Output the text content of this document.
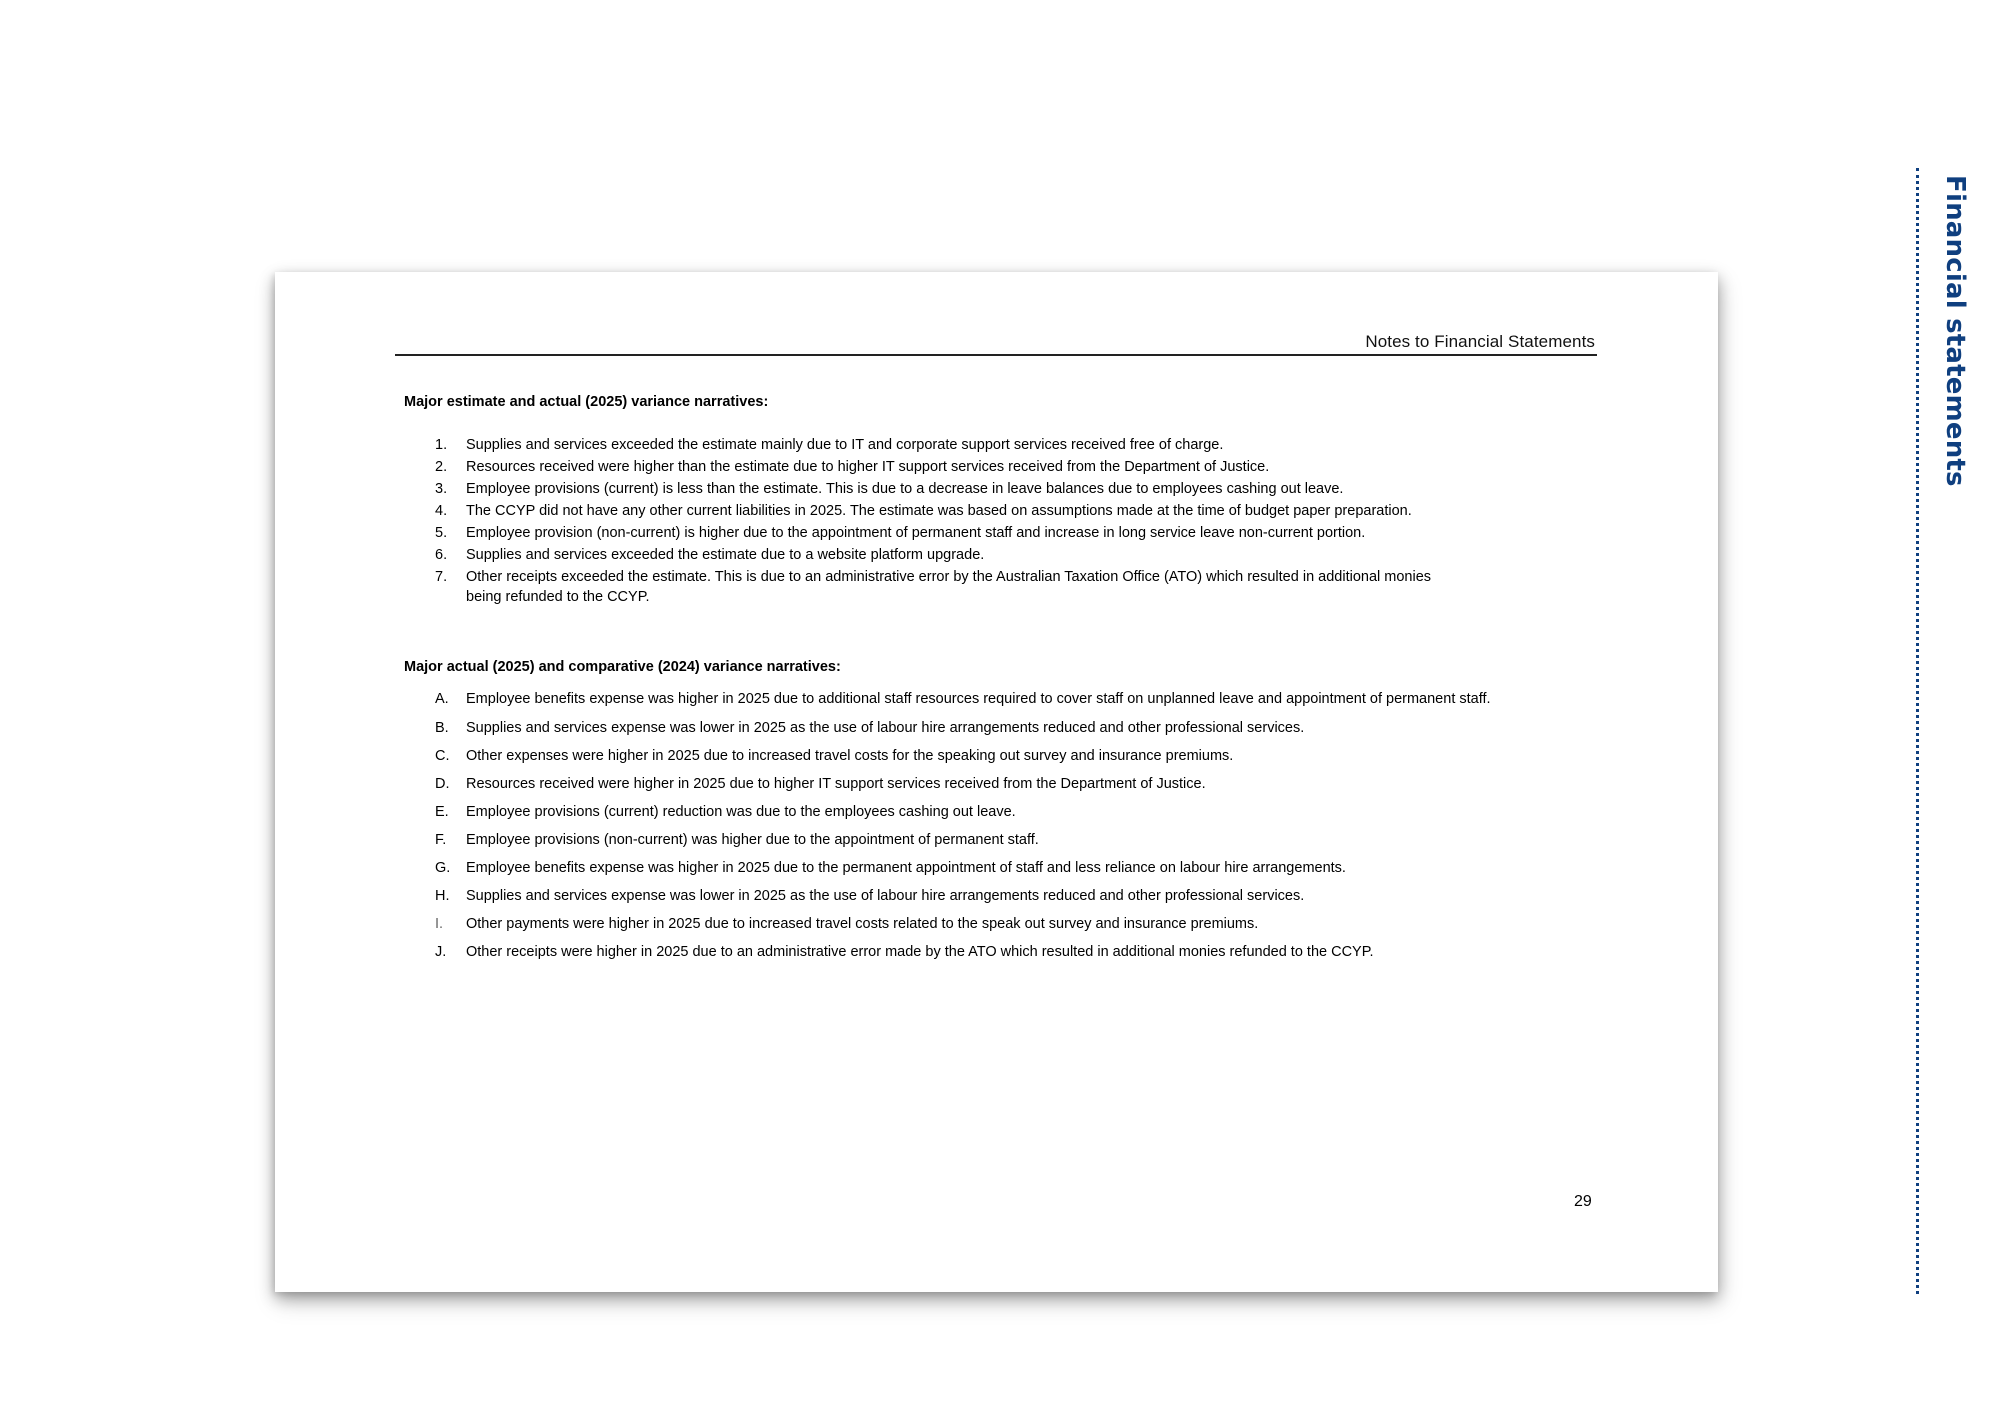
Financial statements
Notes to Financial Statements
Major estimate and actual (2025) variance narratives:
1.	Supplies and services exceeded the estimate mainly due to IT and corporate support services received free of charge.
2.	Resources received were higher than the estimate due to higher IT support services received from the Department of Justice.
3.	Employee provisions (current) is less than the estimate. This is due to a decrease in leave balances due to employees cashing out leave.
4.	The CCYP did not have any other current liabilities in 2025. The estimate was based on assumptions made at the time of budget paper preparation.
5.	Employee provision (non-current) is higher due to the appointment of permanent staff and increase in long service leave non-current portion.
6.	Supplies and services exceeded the estimate due to a website platform upgrade.
7.	Other receipts exceeded the estimate. This is due to an administrative error by the Australian Taxation Office (ATO) which resulted in additional monies being refunded to the CCYP.
Major actual (2025) and comparative (2024) variance narratives:
A.	Employee benefits expense was higher in 2025 due to additional staff resources required to cover staff on unplanned leave and appointment of permanent staff.
B.	Supplies and services expense was lower in 2025 as the use of labour hire arrangements reduced and other professional services.
C.	Other expenses were higher in 2025 due to increased travel costs for the speaking out survey and insurance premiums.
D.	Resources received were higher in 2025 due to higher IT support services received from the Department of Justice.
E.	Employee provisions (current) reduction was due to the employees cashing out leave.
F.	Employee provisions (non-current) was higher due to the appointment of permanent staff.
G.	Employee benefits expense was higher in 2025 due to the permanent appointment of staff and less reliance on labour hire arrangements.
H.	Supplies and services expense was lower in 2025 as the use of labour hire arrangements reduced and other professional services.
I.	Other payments were higher in 2025 due to increased travel costs related to the speak out survey and insurance premiums.
J.	Other receipts were higher in 2025 due to an administrative error made by the ATO which resulted in additional monies refunded to the CCYP.
29
